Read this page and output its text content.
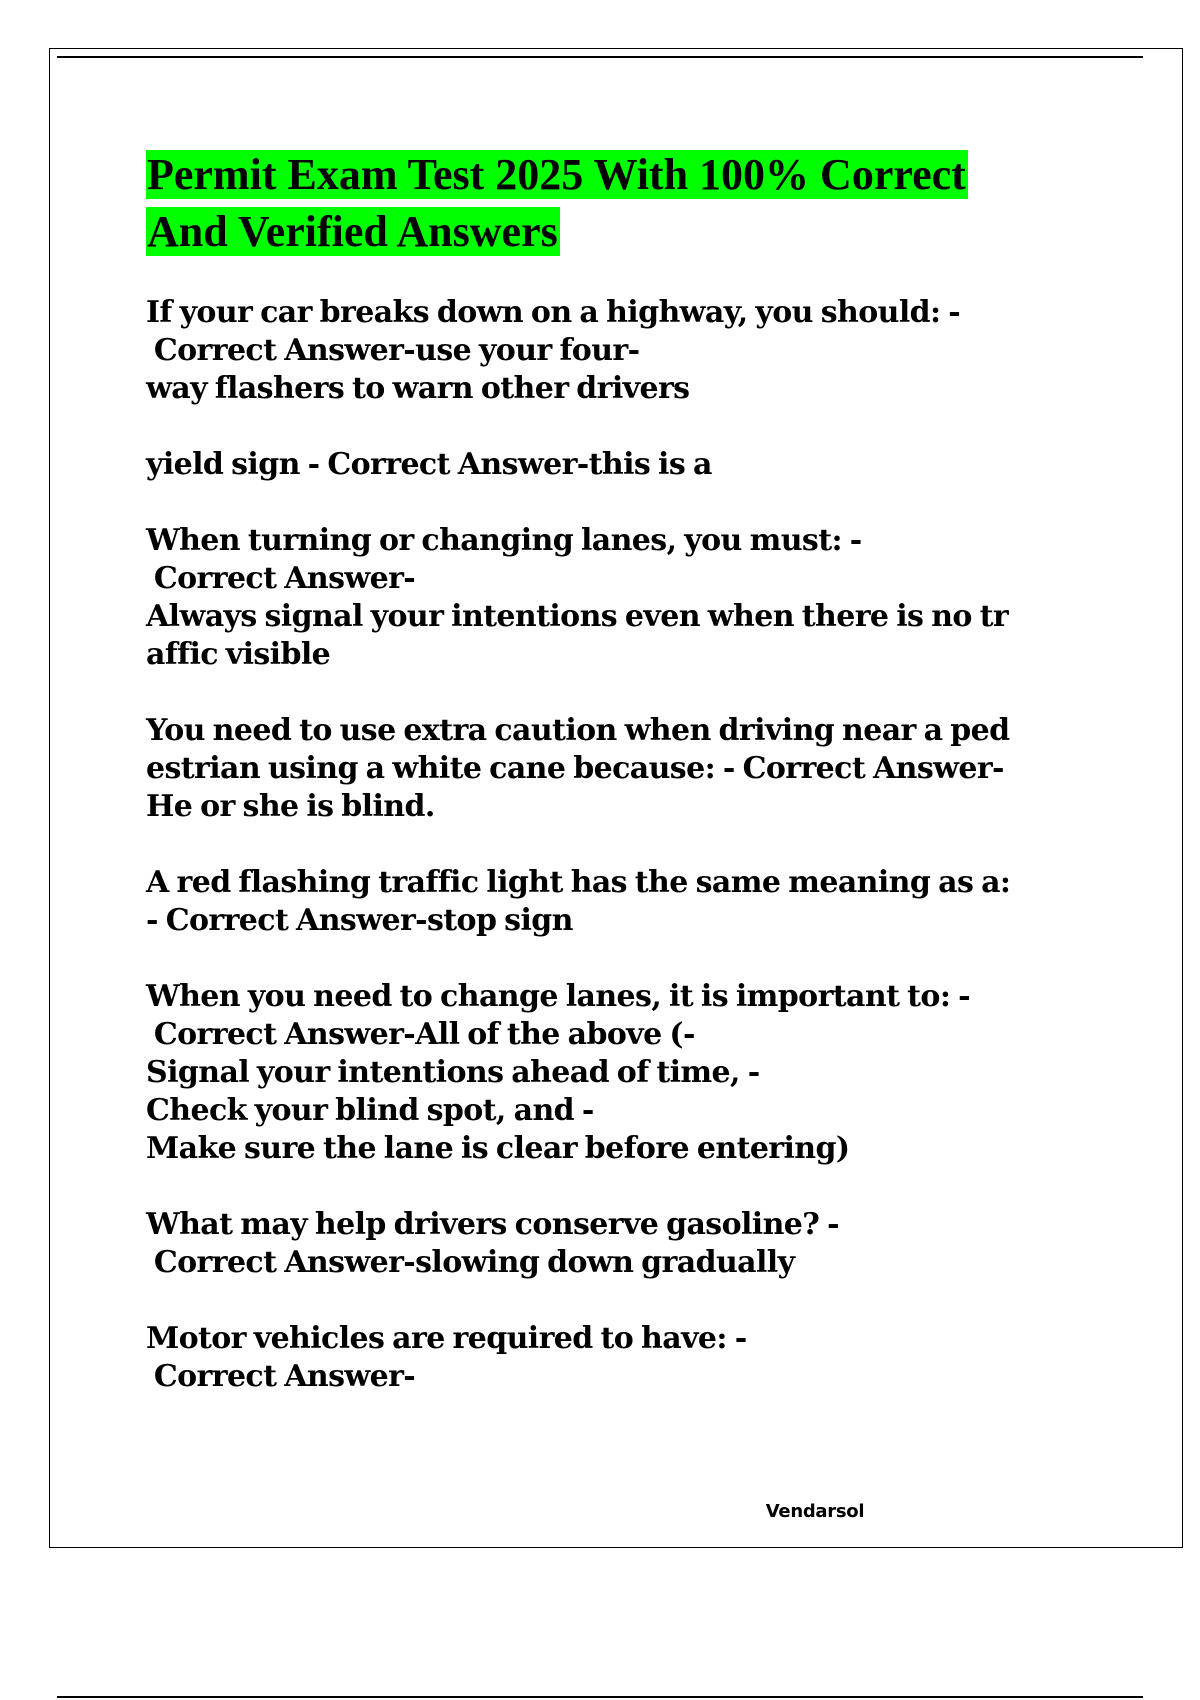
Permit Exam Test 2025 With 100% Correct
And Verified Answers
If your car breaks down on a highway, you should: -
Correct Answer-use your four-
way flashers to warn other drivers
yield sign - Correct Answer-this is a
When turning or changing lanes, you must: -
Correct Answer-
Always signal your intentions even when there is no tr
affic visible
You need to use extra caution when driving near a ped
estrian using a white cane because: - Correct Answer-
He or she is blind.
A red flashing traffic light has the same meaning as a:
- Correct Answer-stop sign
When you need to change lanes, it is important to: -
Correct Answer-All of the above (-
Signal your intentions ahead of time, -
Check your blind spot, and -
Make sure the lane is clear before entering)
What may help drivers conserve gasoline? -
Correct Answer-slowing down gradually
Motor vehicles are required to have: -
Correct Answer-
Vendarsol
